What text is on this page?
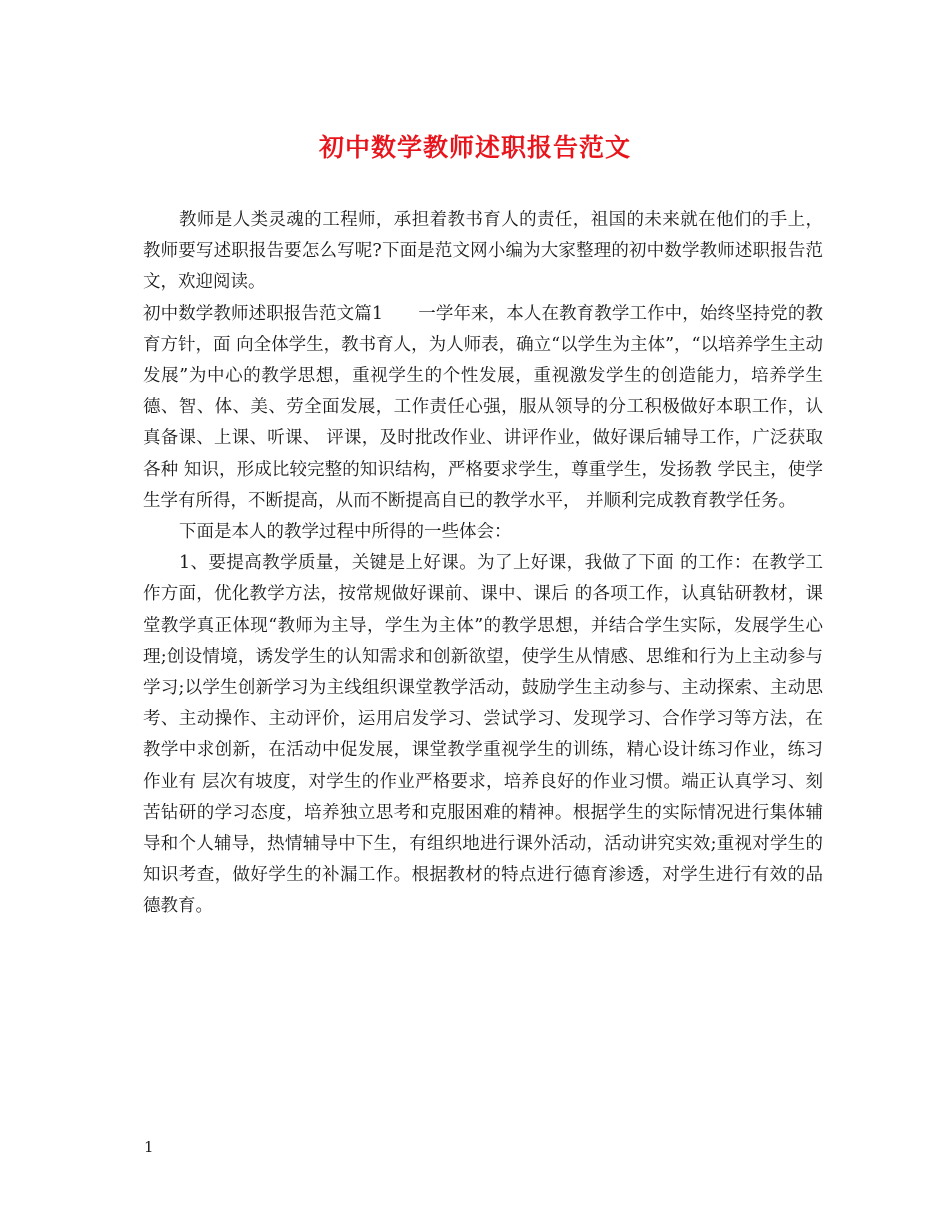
初中数学教师述职报告范文

教师是人类灵魂的工程师，承担着教书育人的责任，祖国的未来就在他们的手上，教师要写述职报告要怎么写呢?下面是范文网小编为大家整理的初中数学教师述职报告范文，欢迎阅读。

初中数学教师述职报告范文篇1　　一学年来，本人在教育教学工作中，始终坚持党的教育方针，面 向全体学生，教书育人，为人师表，确立“以学生为主体”，“以培养学生主动发展”为中心的教学思想，重视学生的个性发展，重视激发学生的创造能力，培养学生德、智、体、美、劳全面发展，工作责任心强，服从领导的分工积极做好本职工作，认真备课、上课、听课、 评课，及时批改作业、讲评作业，做好课后辅导工作，广泛获取各种 知识，形成比较完整的知识结构，严格要求学生，尊重学生，发扬教 学民主，使学生学有所得，不断提高，从而不断提高自已的教学水平， 并顺利完成教育教学任务。

下面是本人的教学过程中所得的一些体会：

1、要提高教学质量，关键是上好课。为了上好课，我做了下面 的工作：在教学工作方面，优化教学方法，按常规做好课前、课中、课后 的各项工作，认真钻研教材，课堂教学真正体现“教师为主导，学生为主体”的教学思想，并结合学生实际，发展学生心理;创设情境，诱发学生的认知需求和创新欲望，使学生从情感、思维和行为上主动参与学习;以学生创新学习为主线组织课堂教学活动，鼓励学生主动参与、主动探索、主动思考、主动操作、主动评价，运用启发学习、尝试学习、发现学习、合作学习等方法，在教学中求创新，在活动中促发展，课堂教学重视学生的训练，精心设计练习作业，练习作业有 层次有坡度，对学生的作业严格要求，培养良好的作业习惯。端正认真学习、刻苦钻研的学习态度，培养独立思考和克服困难的精神。根据学生的实际情况进行集体辅导和个人辅导，热情辅导中下生，有组织地进行课外活动，活动讲究实效;重视对学生的知识考查，做好学生的补漏工作。根据教材的特点进行德育渗透，对学生进行有效的品德教育。

1
